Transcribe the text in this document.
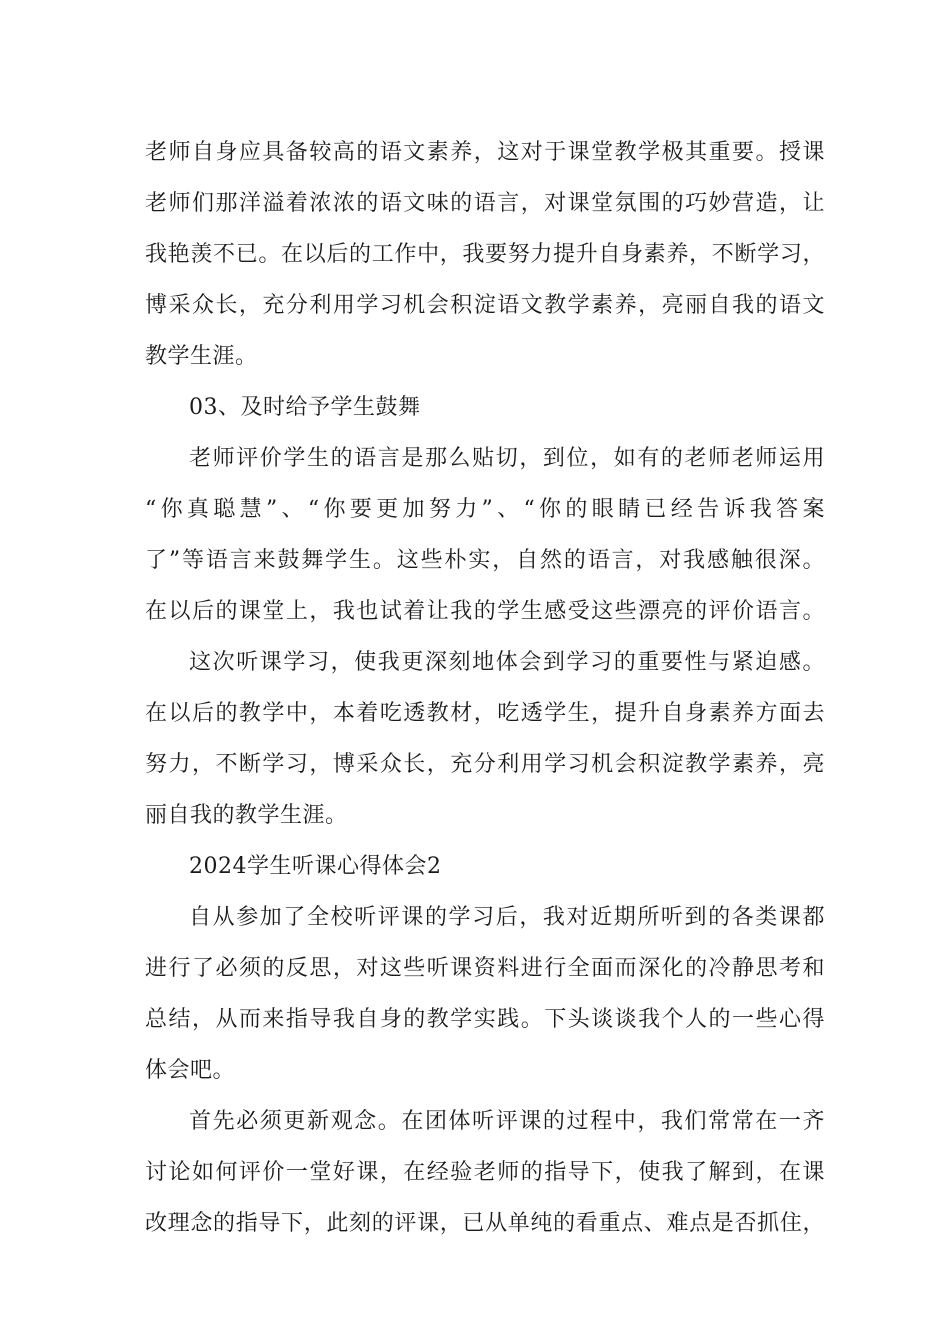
老师自身应具备较高的语文素养，这对于课堂教学极其重要。授课
老师们那洋溢着浓浓的语文味的语言，对课堂氛围的巧妙营造，让
我艳羡不已。在以后的工作中，我要努力提升自身素养，不断学习，
博采众长，充分利用学习机会积淀语文教学素养，亮丽自我的语文
教学生涯。
03、及时给予学生鼓舞
老师评价学生的语言是那么贴切，到位，如有的老师老师运用
“你真聪慧”、“你要更加努力”、“你的眼睛已经告诉我答案
了”等语言来鼓舞学生。这些朴实，自然的语言，对我感触很深。
在以后的课堂上，我也试着让我的学生感受这些漂亮的评价语言。
这次听课学习，使我更深刻地体会到学习的重要性与紧迫感。
在以后的教学中，本着吃透教材，吃透学生，提升自身素养方面去
努力，不断学习，博采众长，充分利用学习机会积淀教学素养，亮
丽自我的教学生涯。
2024学生听课心得体会2
自从参加了全校听评课的学习后，我对近期所听到的各类课都
进行了必须的反思，对这些听课资料进行全面而深化的冷静思考和
总结，从而来指导我自身的教学实践。下头谈谈我个人的一些心得
体会吧。
首先必须更新观念。在团体听评课的过程中，我们常常在一齐
讨论如何评价一堂好课，在经验老师的指导下，使我了解到，在课
改理念的指导下，此刻的评课，已从单纯的看重点、难点是否抓住，
